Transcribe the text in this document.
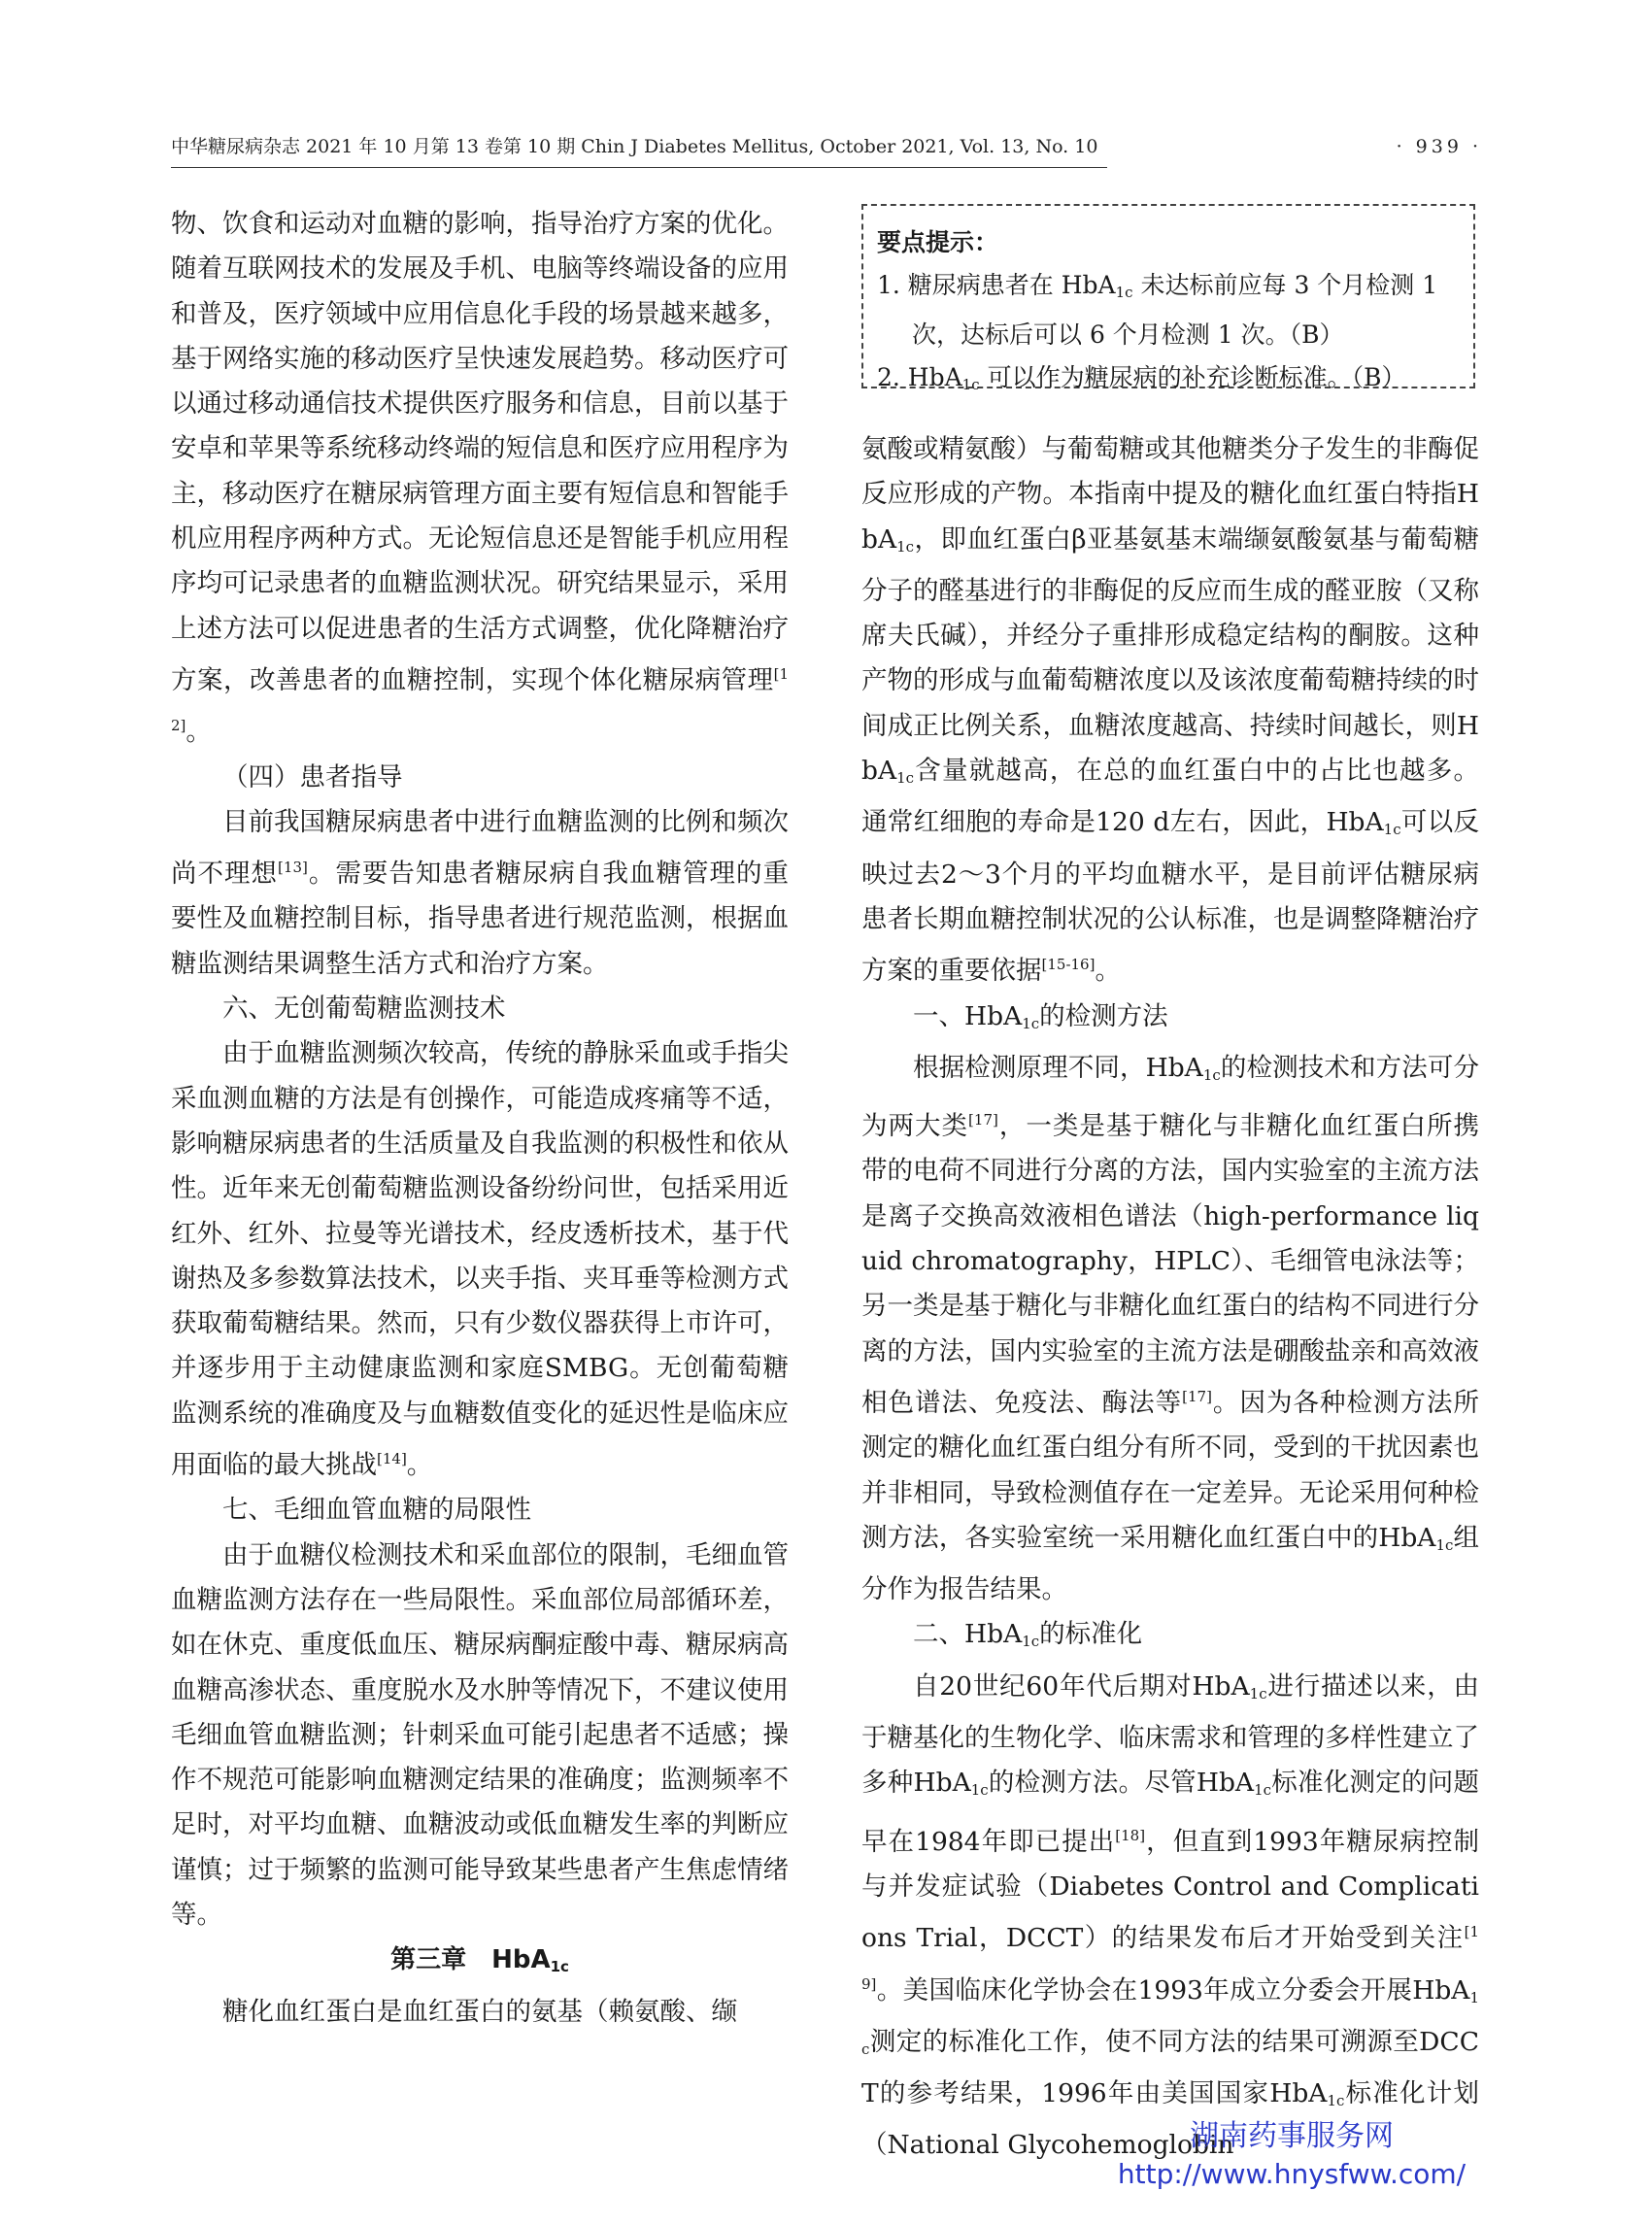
中华糖尿病杂志 2021 年 10 月第 13 卷第 10 期 Chin J Diabetes Mellitus, October 2021, Vol. 13, No. 10	· 939 ·

物、饮食和运动对血糖的影响，指导治疗方案的优化。随着互联网技术的发展及手机、电脑等终端设备的应用和普及，医疗领域中应用信息化手段的场景越来越多，基于网络实施的移动医疗呈快速发展趋势。移动医疗可以通过移动通信技术提供医疗服务和信息，目前以基于安卓和苹果等系统移动终端的短信息和医疗应用程序为主，移动医疗在糖尿病管理方面主要有短信息和智能手机应用程序两种方式。无论短信息还是智能手机应用程序均可记录患者的血糖监测状况。研究结果显示，采用上述方法可以促进患者的生活方式调整，优化降糖治疗方案，改善患者的血糖控制，实现个体化糖尿病管理[12]。

（四）患者指导

目前我国糖尿病患者中进行血糖监测的比例和频次尚不理想[13]。需要告知患者糖尿病自我血糖管理的重要性及血糖控制目标，指导患者进行规范监测，根据血糖监测结果调整生活方式和治疗方案。

六、无创葡萄糖监测技术

由于血糖监测频次较高，传统的静脉采血或手指尖采血测血糖的方法是有创操作，可能造成疼痛等不适，影响糖尿病患者的生活质量及自我监测的积极性和依从性。近年来无创葡萄糖监测设备纷纷问世，包括采用近红外、红外、拉曼等光谱技术，经皮透析技术，基于代谢热及多参数算法技术，以夹手指、夹耳垂等检测方式获取葡萄糖结果。然而，只有少数仪器获得上市许可，并逐步用于主动健康监测和家庭SMBG。无创葡萄糖监测系统的准确度及与血糖数值变化的延迟性是临床应用面临的最大挑战[14]。

七、毛细血管血糖的局限性

由于血糖仪检测技术和采血部位的限制，毛细血管血糖监测方法存在一些局限性。采血部位局部循环差，如在休克、重度低血压、糖尿病酮症酸中毒、糖尿病高血糖高渗状态、重度脱水及水肿等情况下，不建议使用毛细血管血糖监测；针刺采血可能引起患者不适感；操作不规范可能影响血糖测定结果的准确度；监测频率不足时，对平均血糖、血糖波动或低血糖发生率的判断应谨慎；过于频繁的监测可能导致某些患者产生焦虑情绪等。

第三章　HbA$_{1c}$

糖化血红蛋白是血红蛋白的氨基（赖氨酸、缬

要点提示：

1. 糖尿病患者在 HbA$_{1c}$ 未达标前应每 3 个月检测 1 次，达标后可以 6 个月检测 1 次。（B）

2. HbA$_{1c}$ 可以作为糖尿病的补充诊断标准。（B）

氨酸或精氨酸）与葡萄糖或其他糖类分子发生的非酶促反应形成的产物。本指南中提及的糖化血红蛋白特指HbA$_{1c}$，即血红蛋白β亚基氨基末端缬氨酸氨基与葡萄糖分子的醛基进行的非酶促的反应而生成的醛亚胺（又称席夫氏碱），并经分子重排形成稳定结构的酮胺。这种产物的形成与血葡萄糖浓度以及该浓度葡萄糖持续的时间成正比例关系，血糖浓度越高、持续时间越长，则HbA$_{1c}$含量就越高，在总的血红蛋白中的占比也越多。通常红细胞的寿命是120 d左右，因此，HbA$_{1c}$可以反映过去2～3个月的平均血糖水平，是目前评估糖尿病患者长期血糖控制状况的公认标准，也是调整降糖治疗方案的重要依据[15-16]。

一、HbA$_{1c}$的检测方法

根据检测原理不同，HbA$_{1c}$的检测技术和方法可分为两大类[17]，一类是基于糖化与非糖化血红蛋白所携带的电荷不同进行分离的方法，国内实验室的主流方法是离子交换高效液相色谱法（high-performance liquid chromatography，HPLC）、毛细管电泳法等；另一类是基于糖化与非糖化血红蛋白的结构不同进行分离的方法，国内实验室的主流方法是硼酸盐亲和高效液相色谱法、免疫法、酶法等[17]。因为各种检测方法所测定的糖化血红蛋白组分有所不同，受到的干扰因素也并非相同，导致检测值存在一定差异。无论采用何种检测方法，各实验室统一采用糖化血红蛋白中的HbA$_{1c}$组分作为报告结果。

二、HbA$_{1c}$的标准化

自20世纪60年代后期对HbA$_{1c}$进行描述以来，由于糖基化的生物化学、临床需求和管理的多样性建立了多种HbA$_{1c}$的检测方法。尽管HbA$_{1c}$标准化测定的问题早在1984年即已提出[18]，但直到1993年糖尿病控制与并发症试验（Diabetes Control and Complications Trial，DCCT）的结果发布后才开始受到关注[19]。美国临床化学协会在1993年成立分委会开展HbA$_{1c}$测定的标准化工作，使不同方法的结果可溯源至DCCT的参考结果，1996年由美国国家HbA$_{1c}$标准化计划（National Glycohemoglobin

湖南药事服务网
http://www.hnysfww.com/
